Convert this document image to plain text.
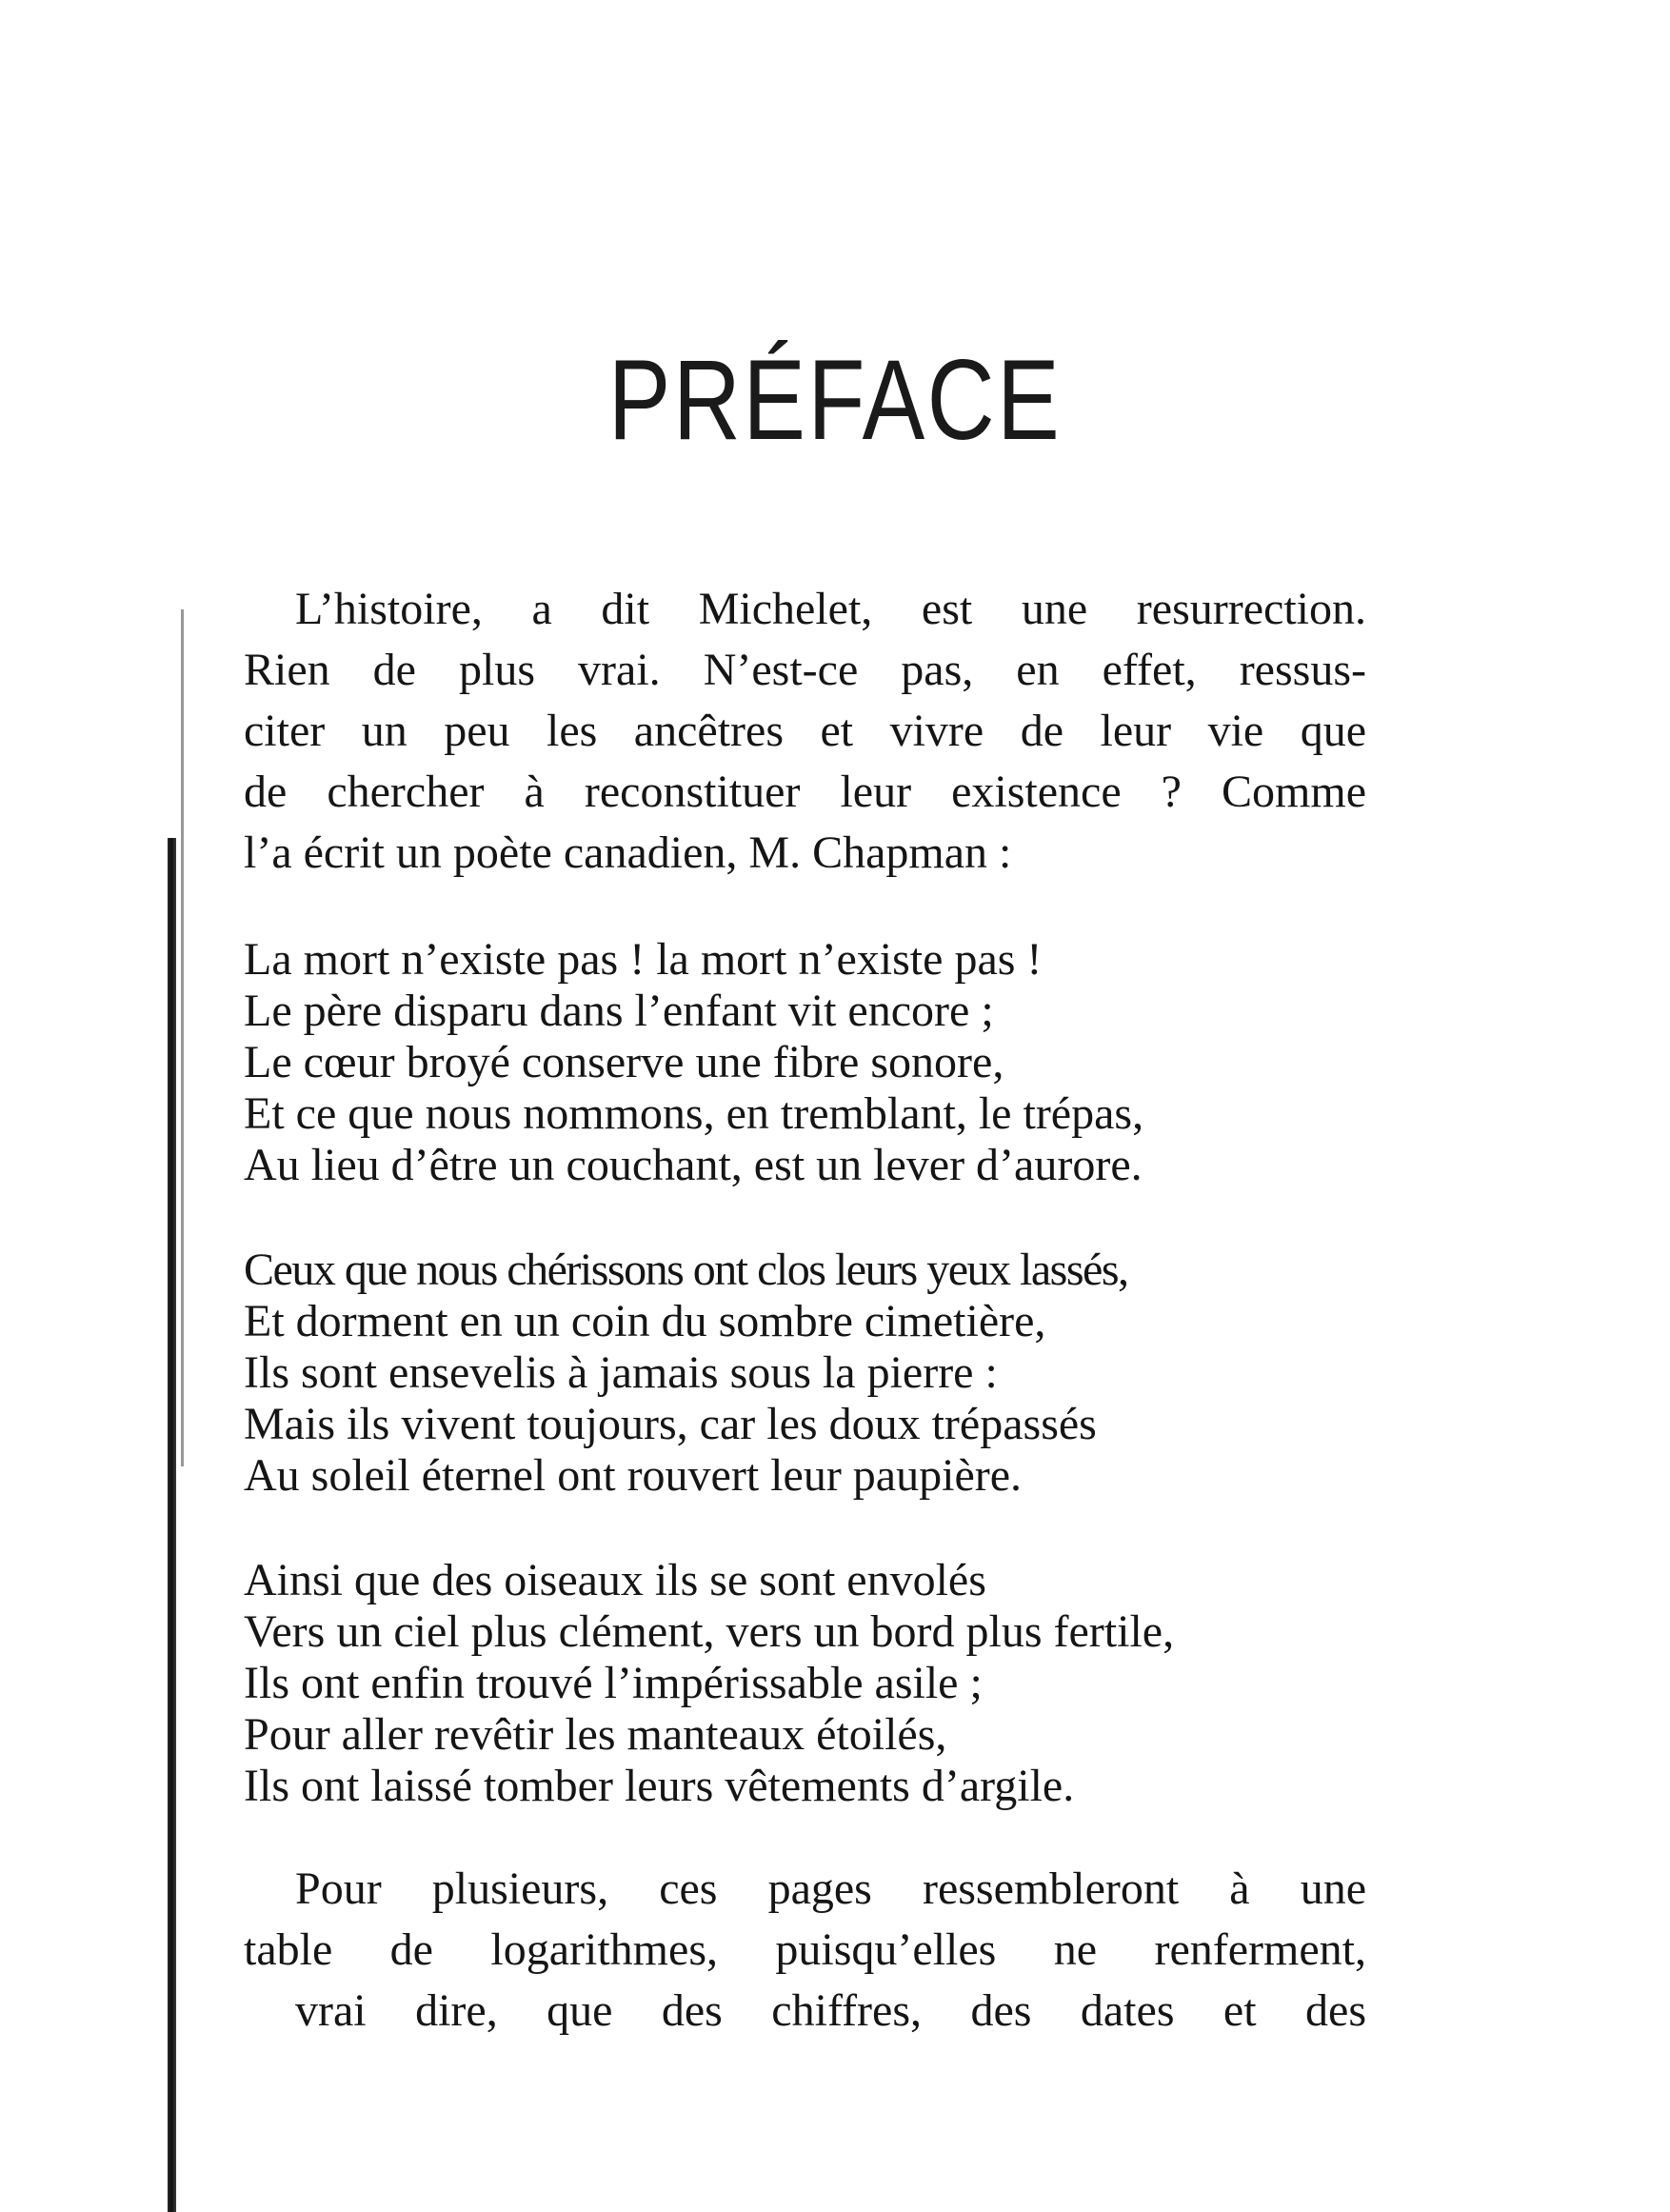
PRÉFACE
L’histoire, a dit Michelet, est une resurrection.
Rien de plus vrai. N’est-ce pas, en effet, ressus-
citer un peu les ancêtres et vivre de leur vie que
de chercher à reconstituer leur existence ? Comme
l’a écrit un poète canadien, M. Chapman :
La mort n’existe pas ! la mort n’existe pas !
Le père disparu dans l’enfant vit encore ;
Le cœur broyé conserve une fibre sonore,
Et ce que nous nommons, en tremblant, le trépas,
Au lieu d’être un couchant, est un lever d’aurore.
Ceux que nous chérissons ont clos leurs yeux lassés,
Et dorment en un coin du sombre cimetière,
Ils sont ensevelis à jamais sous la pierre :
Mais ils vivent toujours, car les doux trépassés
Au soleil éternel ont rouvert leur paupière.
Ainsi que des oiseaux ils se sont envolés
Vers un ciel plus clément, vers un bord plus fertile,
Ils ont enfin trouvé l’impérissable asile ;
Pour aller revêtir les manteaux étoilés,
Ils ont laissé tomber leurs vêtements d’argile.
Pour plusieurs, ces pages ressembleront à une
table de logarithmes, puisqu’elles ne renferment,
vrai dire, que des chiffres, des dates et des
